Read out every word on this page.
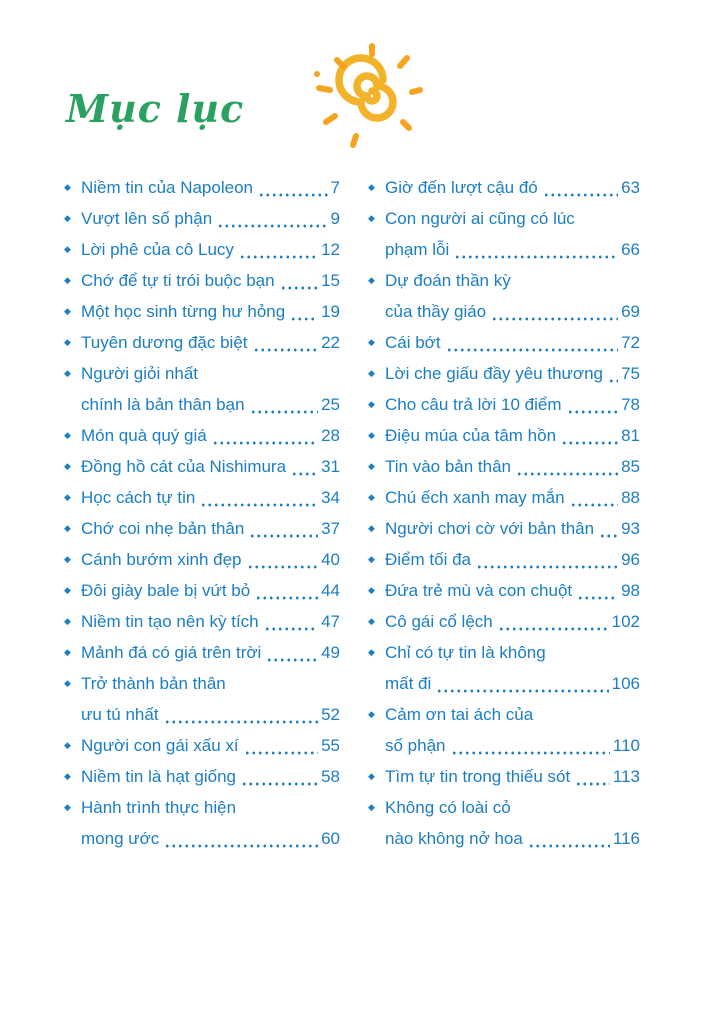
Mục lục
◆ Niềm tin của Napoleon	7
◆ Vượt lên số phận	9
◆ Lời phê của cô Lucy	12
◆ Chớ để tự ti trói buộc bạn	15
◆ Một học sinh từng hư hỏng 19
◆ Tuyên dương đặc biệt	22
◆ Người giỏi nhất
chính là bản thân bạn	25
◆ Món quà quý giá	28
◆ Đồng hồ cát của Nishimura 31
◆ Học cách tự tin	34
◆ Chớ coi nhẹ bản thân	37
◆ Cánh bướm xinh đẹp	40
◆ Đôi giày bale bị vứt bỏ	44
◆ Niềm tin tạo nên kỳ tích	47
◆ Mảnh đá có giá trên trời	49
◆ Trở thành bản thân
ưu tú nhất	52
◆ Người con gái xấu xí	55
◆ Niềm tin là hạt giống	58
◆ Hành trình thực hiện
mong ước	60
◆ Giờ đến lượt cậu đó	63
◆ Con người ai cũng có lúc
phạm lỗi	66
◆ Dự đoán thần kỳ
của thầy giáo	69
◆ Cái bớt	72
◆ Lời che giấu đầy yêu thương 75
◆ Cho câu trả lời 10 điểm	78
◆ Điệu múa của tâm hồn	81
◆ Tin vào bản thân	85
◆ Chú ếch xanh may mắn	88
◆ Người chơi cờ với bản thân 93
◆ Điểm tối đa	96
◆ Đứa trẻ mù và con chuột	98
◆ Cô gái cổ lệch	102
◆ Chỉ có tự tin là không
mất đi	106
◆ Cảm ơn tai ách của
số phận	110
◆ Tìm tự tin trong thiếu sót	113
◆ Không có loài cỏ
nào không nở hoa	116
